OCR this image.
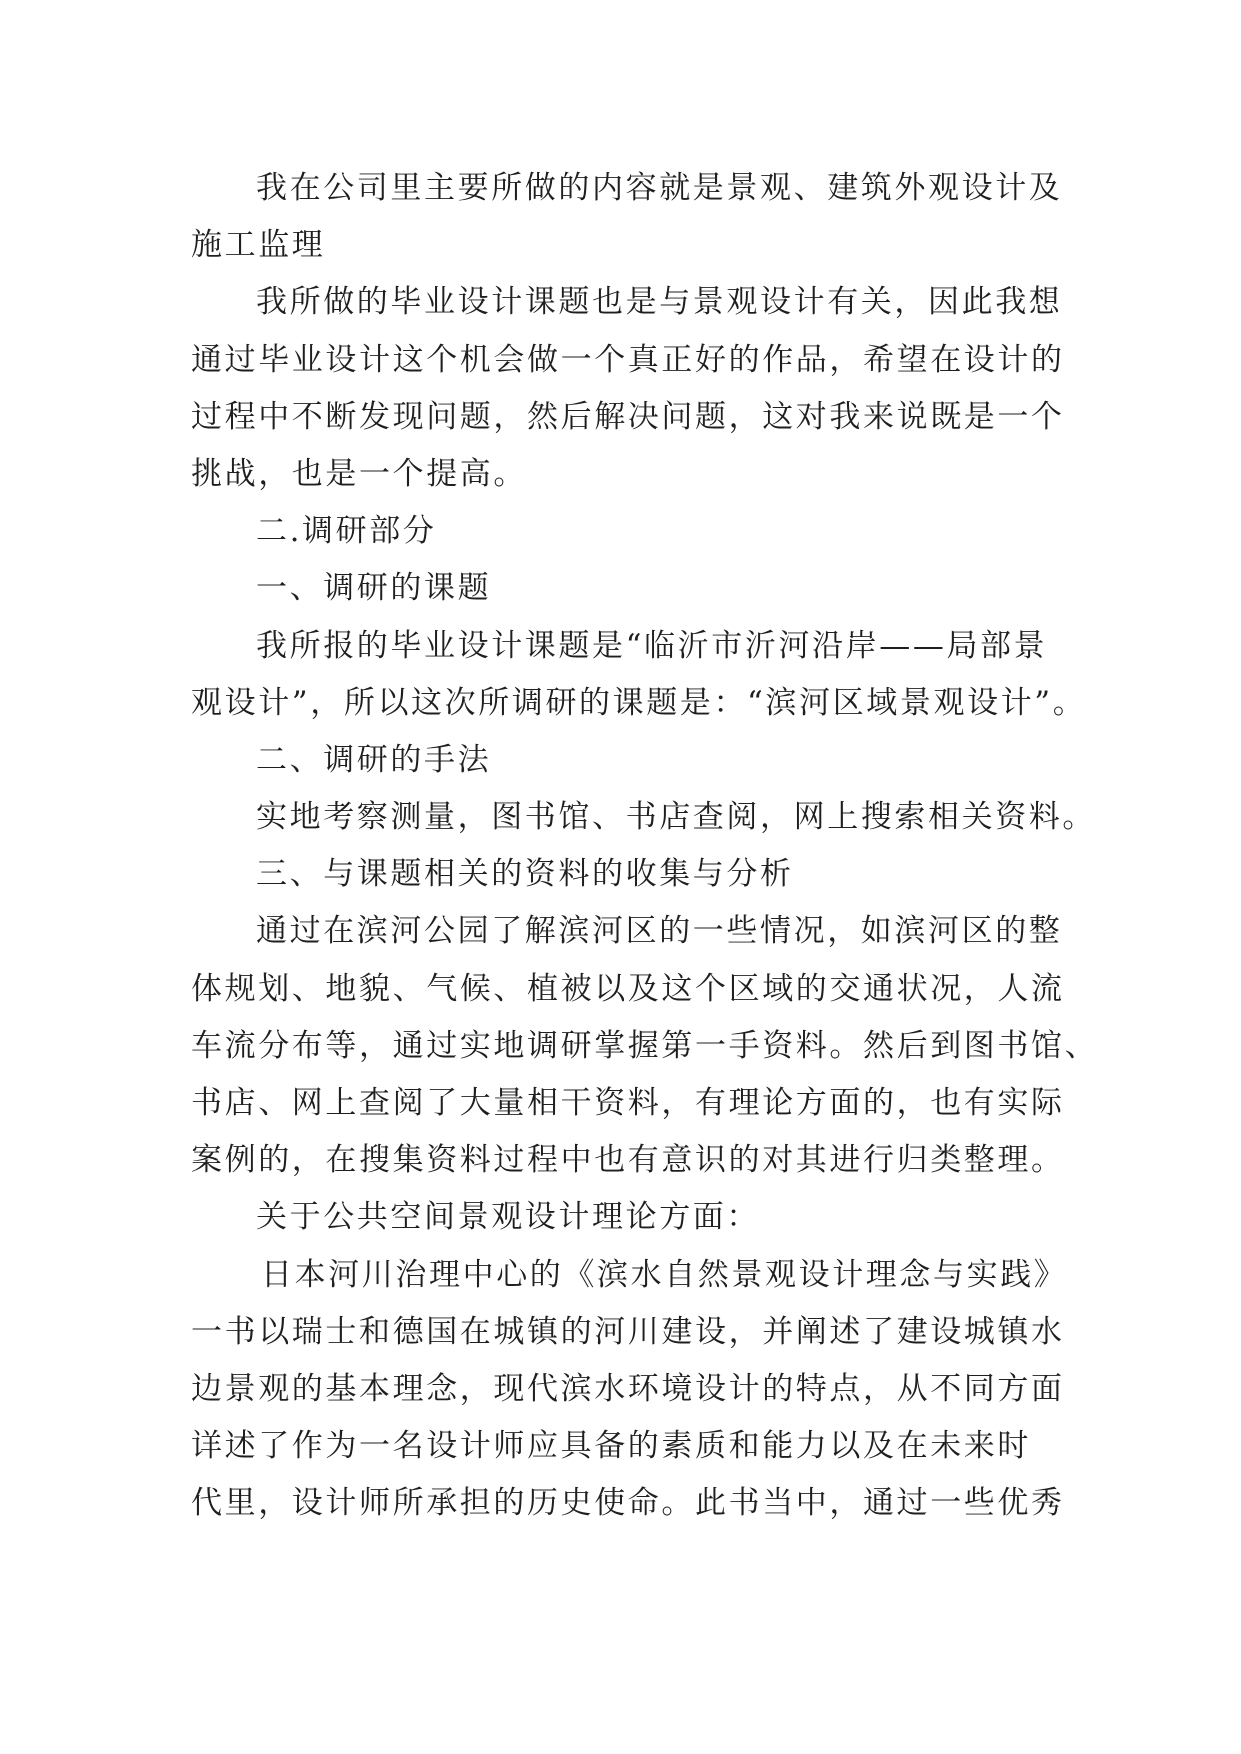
我在公司里主要所做的内容就是景观、建筑外观设计及
施工监理
我所做的毕业设计课题也是与景观设计有关，因此我想
通过毕业设计这个机会做一个真正好的作品，希望在设计的
过程中不断发现问题，然后解决问题，这对我来说既是一个
挑战，也是一个提高。
二.调研部分
一、调研的课题
我所报的毕业设计课题是“临沂市沂河沿岸——局部景
观设计”，所以这次所调研的课题是：“滨河区域景观设计”。
二、调研的手法
实地考察测量，图书馆、书店查阅，网上搜索相关资料。
三、与课题相关的资料的收集与分析
通过在滨河公园了解滨河区的一些情况，如滨河区的整
体规划、地貌、气候、植被以及这个区域的交通状况，人流
车流分布等，通过实地调研掌握第一手资料。然后到图书馆、
书店、网上查阅了大量相干资料，有理论方面的，也有实际
案例的，在搜集资料过程中也有意识的对其进行归类整理。
关于公共空间景观设计理论方面：
日本河川治理中心的《滨水自然景观设计理念与实践》
一书以瑞士和德国在城镇的河川建设，并阐述了建设城镇水
边景观的基本理念，现代滨水环境设计的特点，从不同方面
详述了作为一名设计师应具备的素质和能力以及在未来时
代里，设计师所承担的历史使命。此书当中，通过一些优秀
